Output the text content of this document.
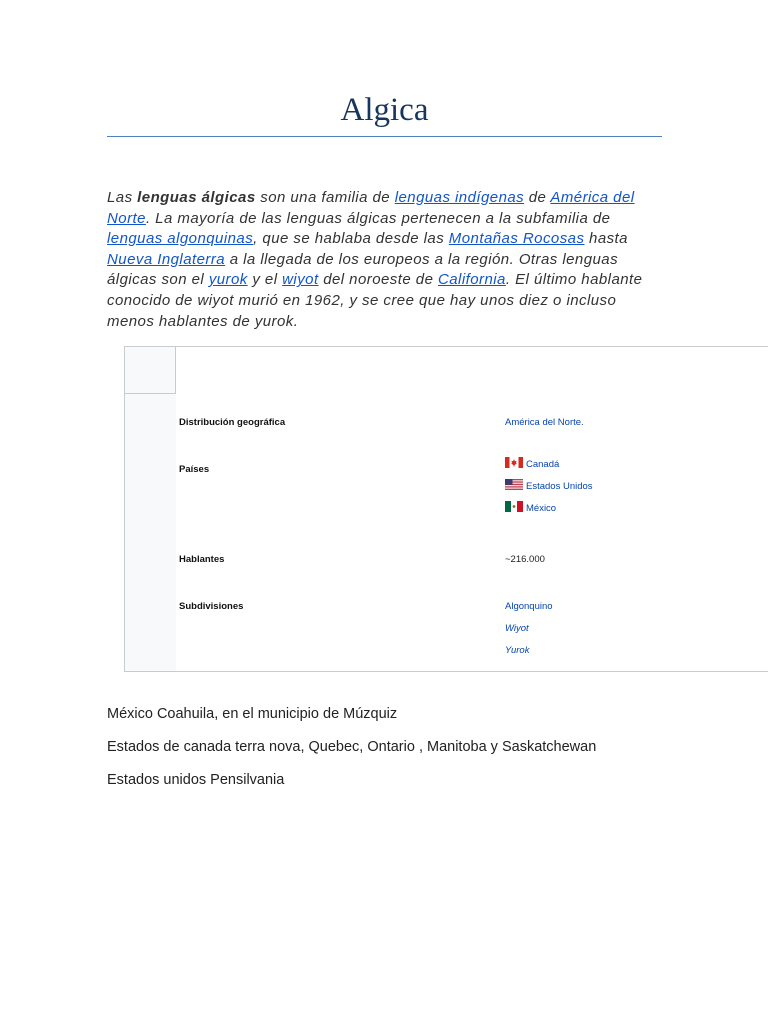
Algica

Las lenguas álgicas son una familia de lenguas indígenas de América del Norte. La mayoría de las lenguas álgicas pertenecen a la subfamilia de lenguas algonquinas, que se hablaba desde las Montañas Rocosas hasta Nueva Inglaterra a la llegada de los europeos a la región. Otras lenguas álgicas son el yurok y el wiyot del noroeste de California. El último hablante conocido de wiyot murió en 1962, y se cree que hay unos diez o incluso menos hablantes de yurok.

Distribución geográfica	América del Norte.
Países	Canadá
Estados Unidos
México
Hablantes	~216.000
Subdivisiones	Algonquino
Wiyot
Yurok

México Coahuila, en el municipio de Múzquiz

Estados de canada terra nova, Quebec, Ontario , Manitoba y Saskatchewan

Estados unidos Pensilvania
